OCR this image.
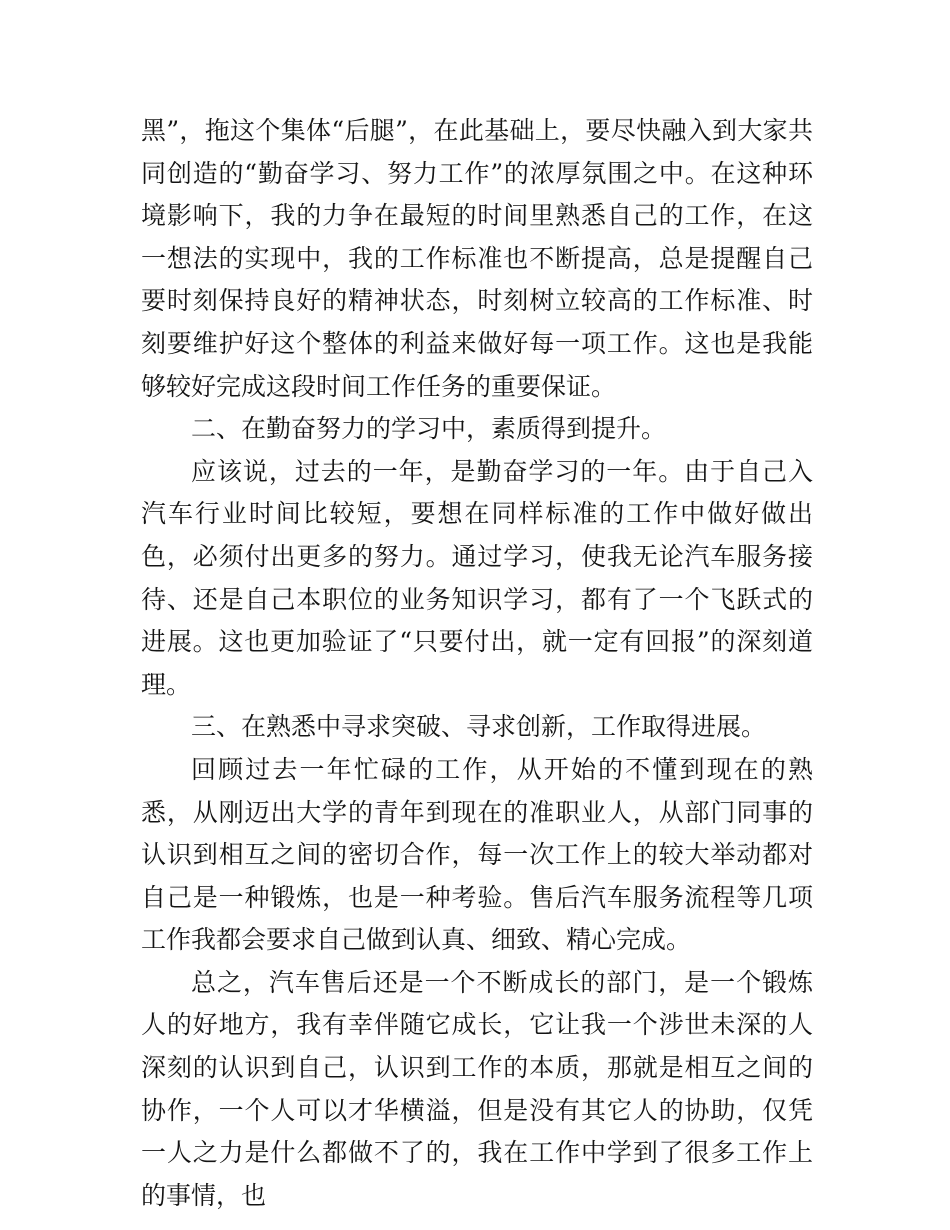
黑”，拖这个集体“后腿”，在此基础上，要尽快融入到大家共同创造的“勤奋学习、努力工作”的浓厚氛围之中。在这种环境影响下，我的力争在最短的时间里熟悉自己的工作，在这一想法的实现中，我的工作标准也不断提高，总是提醒自己要时刻保持良好的精神状态，时刻树立较高的工作标准、时刻要维护好这个整体的利益来做好每一项工作。这也是我能够较好完成这段时间工作任务的重要保证。

二、在勤奋努力的学习中，素质得到提升。

应该说，过去的一年，是勤奋学习的一年。由于自己入汽车行业时间比较短，要想在同样标准的工作中做好做出色，必须付出更多的努力。通过学习，使我无论汽车服务接待、还是自己本职位的业务知识学习，都有了一个飞跃式的进展。这也更加验证了“只要付出，就一定有回报”的深刻道理。

三、在熟悉中寻求突破、寻求创新，工作取得进展。

回顾过去一年忙碌的工作，从开始的不懂到现在的熟悉，从刚迈出大学的青年到现在的准职业人，从部门同事的认识到相互之间的密切合作，每一次工作上的较大举动都对自己是一种锻炼，也是一种考验。售后汽车服务流程等几项工作我都会要求自己做到认真、细致、精心完成。

总之，汽车售后还是一个不断成长的部门，是一个锻炼人的好地方，我有幸伴随它成长，它让我一个涉世未深的人深刻的认识到自己，认识到工作的本质，那就是相互之间的协作，一个人可以才华横溢，但是没有其它人的协助，仅凭一人之力是什么都做不了的，我在工作中学到了很多工作上的事情，也
